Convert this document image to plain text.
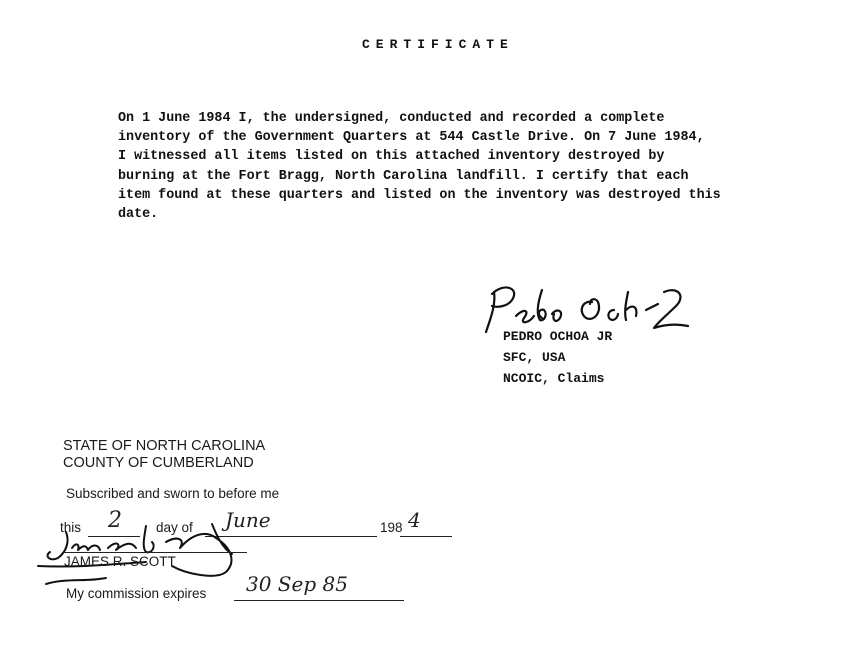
CERTIFICATE
On 1 June 1984 I, the undersigned, conducted and recorded a complete
inventory of the Government Quarters at 544 Castle Drive. On 7 June 1984,
I witnessed all items listed on this attached inventory destroyed by
burning at the Fort Bragg, North Carolina landfill. I certify that each
item found at these quarters and listed on the inventory was destroyed this
date.
PEDRO OCHOA JR
SFC, USA
NCOIC, Claims
STATE OF NORTH CAROLINA
COUNTY OF CUMBERLAND
Subscribed and sworn to before me
this 2	day of June	198 4
JAMES R. SCOTT
My commission expires 30 Sep 85
